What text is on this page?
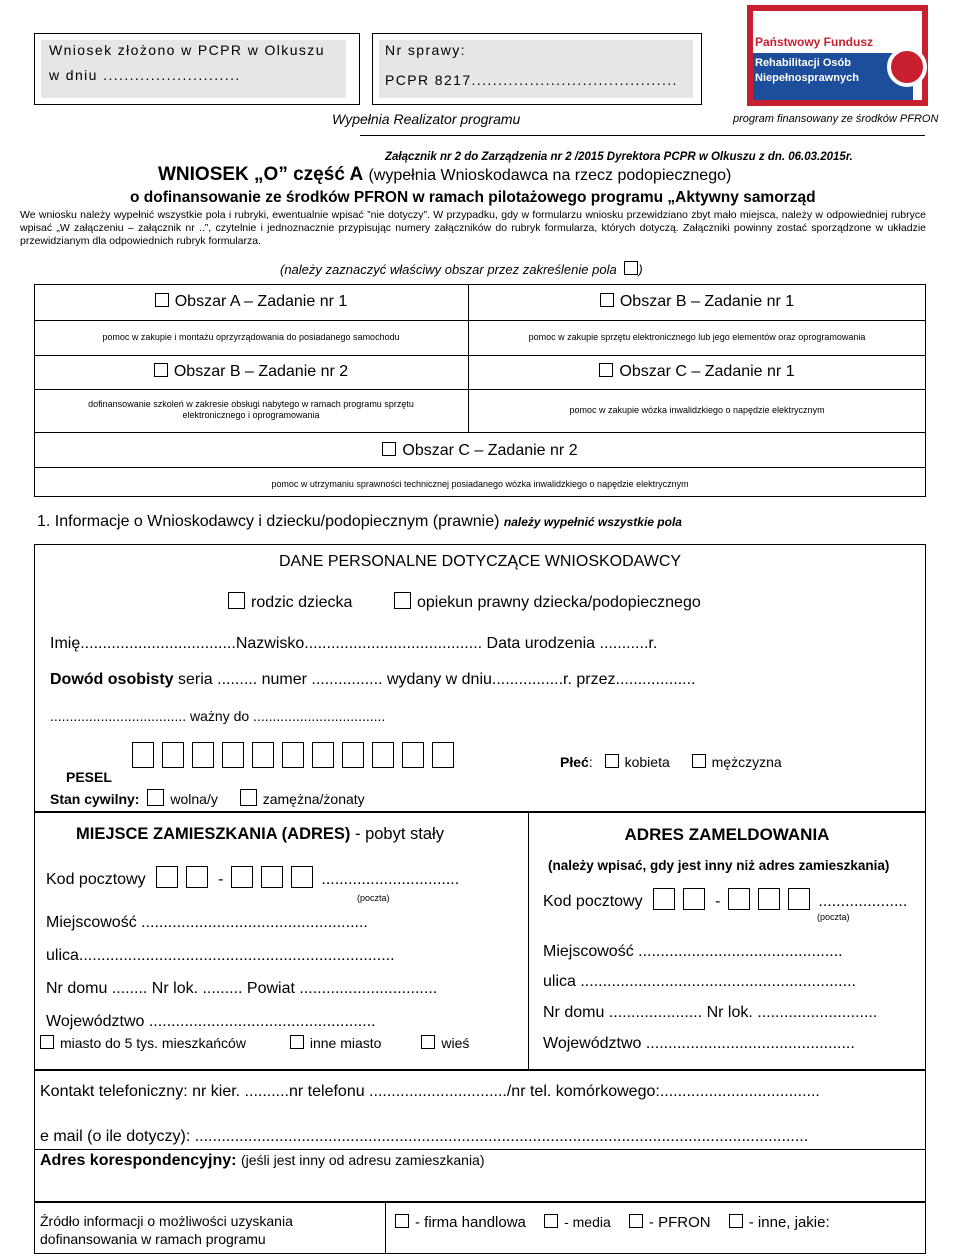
Wniosek złożono w PCPR w Olkuszu
w dniu ..........................
Nr sprawy:
PCPR 8217.......................................
Wypełnia Realizator programu
Państwowy Fundusz
Rehabilitacji Osób
Niepełnosprawnych
program finansowany ze środków PFRON
Załącznik nr 2 do Zarządzenia nr 2 /2015 Dyrektora PCPR w Olkuszu z dn. 06.03.2015r.
WNIOSEK „O” część A (wypełnia Wnioskodawca na rzecz podopiecznego)
o dofinansowanie ze środków PFRON w ramach pilotażowego programu „Aktywny samorząd
We wniosku należy wypełnić wszystkie pola i rubryki, ewentualnie wpisać ”nie dotyczy”. W przypadku, gdy w formularzu wniosku przewidziano zbyt mało miejsca, należy w odpowiedniej rubryce wpisać „W załączeniu – załącznik nr ..”, czytelnie i jednoznacznie przypisując numery załączników do rubryk formularza, których dotyczą. Załączniki powinny zostać sporządzone w układzie przewidzianym dla odpowiednich rubryk formularza.
(należy zaznaczyć właściwy obszar przez zakreślenie pola )
Obszar A – Zadanie nr 1
pomoc w zakupie i montażu oprzyrządowania do posiadanego samochodu
Obszar B – Zadanie nr 1
pomoc w zakupie sprzętu elektronicznego lub jego elementów oraz oprogramowania
Obszar B – Zadanie nr 2
dofinansowanie szkoleń w zakresie obsługi nabytego w ramach programu sprzętu elektronicznego i oprogramowania
Obszar C – Zadanie nr 1
pomoc w zakupie wózka inwalidzkiego o napędzie elektrycznym
Obszar C – Zadanie nr 2
pomoc w utrzymaniu sprawności technicznej posiadanego wózka inwalidzkiego o napędzie elektrycznym
1. Informacje o Wnioskodawcy i dziecku/podopiecznym (prawnie) należy wypełnić wszystkie pola
DANE PERSONALNE DOTYCZĄCE WNIOSKODAWCY
rodzic dziecka	opiekun prawny dziecka/podopiecznego
Imię...................................Nazwisko........................................ Data urodzenia ...........r.
Dowód osobisty seria ......... numer ................ wydany w dniu................r. przez..................
................................... ważny do ..................................
PESEL
Płeć: kobieta	mężczyzna
Stan cywilny: wolna/y	zamężna/żonaty
MIEJSCE ZAMIESZKANIA (ADRES) - pobyt stały
Kod pocztowy	-	...............................
(poczta)
Miejscowość ...................................................
ulica.......................................................................
Nr domu ........ Nr lok. ......... Powiat ...............................
Województwo ...................................................
miasto do 5 tys. mieszkańców	inne miasto	wieś
ADRES ZAMELDOWANIA
(należy wpisać, gdy jest inny niż adres zamieszkania)
Kod pocztowy	-	....................
(poczta)
Miejscowość ..............................................
ulica ..............................................................
Nr domu ..................... Nr lok. ...........................
Województwo ...............................................
Kontakt telefoniczny: nr kier. ..........nr telefonu .............................../nr tel. komórkowego:....................................
e mail (o ile dotyczy): ..........................................................................................................................................
Adres korespondencyjny: (jeśli jest inny od adresu zamieszkania)
Źródło informacji o możliwości uzyskania
dofinansowania w ramach programu
- firma handlowa	- media	- PFRON	- inne, jakie:
